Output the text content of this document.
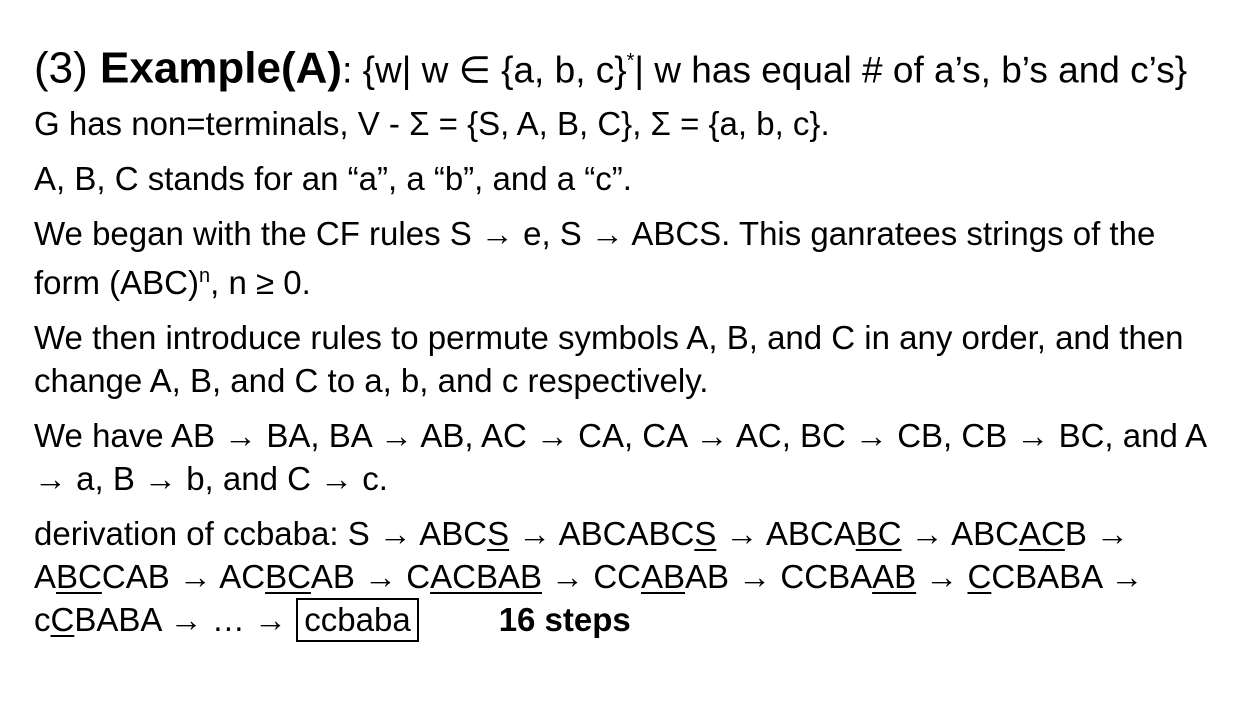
(3) Example(A): {w| w ∈ {a, b, c}*| w has equal # of a’s, b’s and c’s}

G has non=terminals, V - Σ = {S, A, B, C}, Σ = {a, b, c}.

A, B, C stands for an “a”, a “b”, and a “c”.

We began with the CF rules S → e, S → ABCS. This ganratees strings of the form (ABC)$^n$, n ≥ 0.

We then introduce rules to permute symbols A, B, and C in any order, and then change A, B, and C to a, b, and c respectively.

We have AB → BA, BA → AB, AC → CA, CA → AC, BC → CB, CB → BC, and A → a, B → b, and C → c.

derivation of ccbaba: S → ABCS → ABCABCS → ABCABC → ABCACB → ABCCAB → ACBCAB → CACBAB → CCABAB → CCBAAB → CCBABA → cCBABA → … → ccbaba	16 steps
